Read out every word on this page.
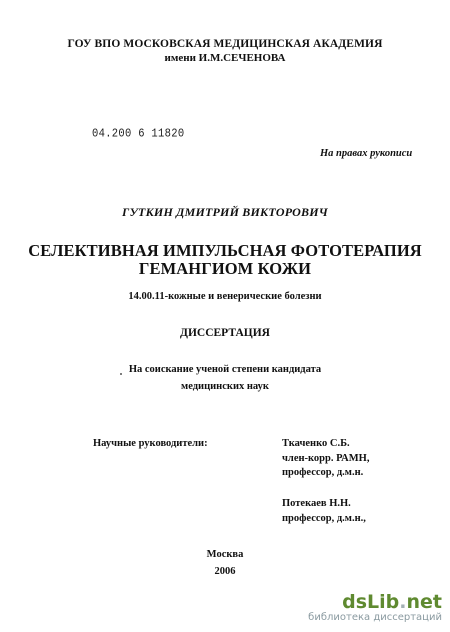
ГОУ ВПО МОСКОВСКАЯ МЕДИЦИНСКАЯ АКАДЕМИЯ
имени И.М.СЕЧЕНОВА
04.200 6 11820
На правах рукописи
ГУТКИН ДМИТРИЙ ВИКТОРОВИЧ
СЕЛЕКТИВНАЯ ИМПУЛЬСНАЯ ФОТОТЕРАПИЯ
ГЕМАНГИОМ КОЖИ
14.00.11-кожные и венерические болезни
ДИССЕРТАЦИЯ
На соискание ученой степени кандидата
медицинских наук
Научные руководители:	Ткаченко С.Б.
член-корр. РАМН,
профессор, д.м.н.
Потекаев Н.Н.
профессор, д.м.н.,
Москва
2006
dsLib.net
библиотека диссертаций
